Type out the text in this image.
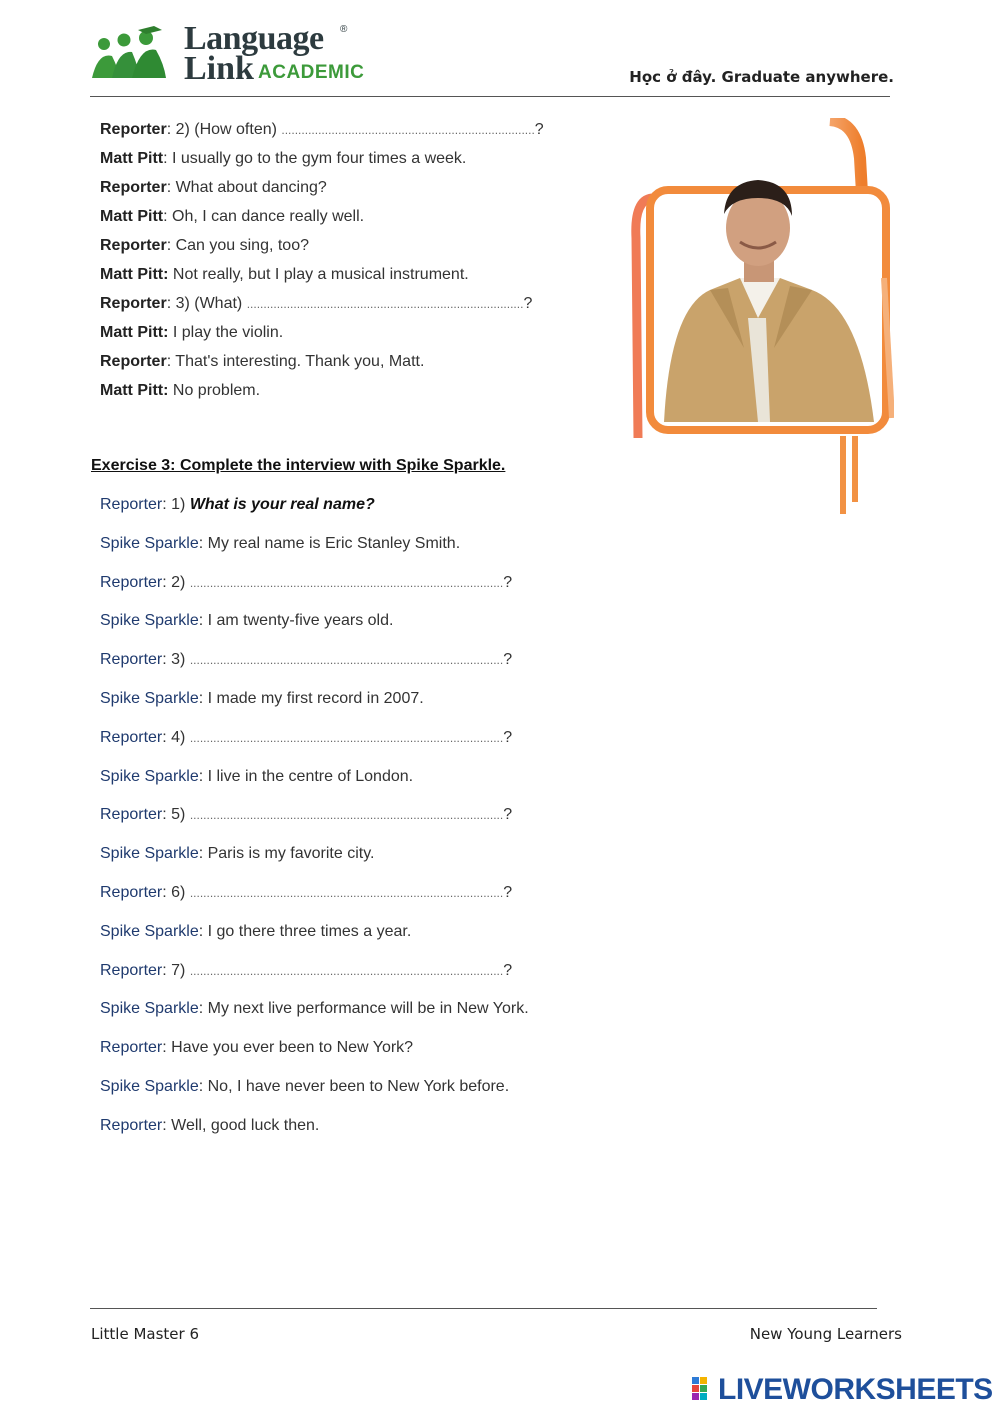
Language ®
Link ACADEMIC	Học ở đây. Graduate anywhere.
Reporter: 2) (How often) ............................................................................?
Matt Pitt: I usually go to the gym four times a week.
Reporter: What about dancing?
Matt Pitt: Oh, I can dance really well.
Reporter: Can you sing, too?
Matt Pitt: Not really, but I play a musical instrument.
Reporter: 3) (What) ...................................................................................?
Matt Pitt: I play the violin.
Reporter: That's interesting. Thank you, Matt.
Matt Pitt: No problem.
Exercise 3: Complete the interview with Spike Sparkle.
Reporter: 1) What is your real name?
Spike Sparkle: My real name is Eric Stanley Smith.
Reporter: 2) ..............................................................................................?
Spike Sparkle: I am twenty-five years old.
Reporter: 3) ..............................................................................................?
Spike Sparkle: I made my first record in 2007.
Reporter: 4) ..............................................................................................?
Spike Sparkle: I live in the centre of London.
Reporter: 5) ..............................................................................................?
Spike Sparkle: Paris is my favorite city.
Reporter: 6) ..............................................................................................?
Spike Sparkle: I go there three times a year.
Reporter: 7) ..............................................................................................?
Spike Sparkle: My next live performance will be in New York.
Reporter: Have you ever been to New York?
Spike Sparkle: No, I have never been to New York before.
Reporter: Well, good luck then.
Little Master 6	New Young Learners
LIVEWORKSHEETS
